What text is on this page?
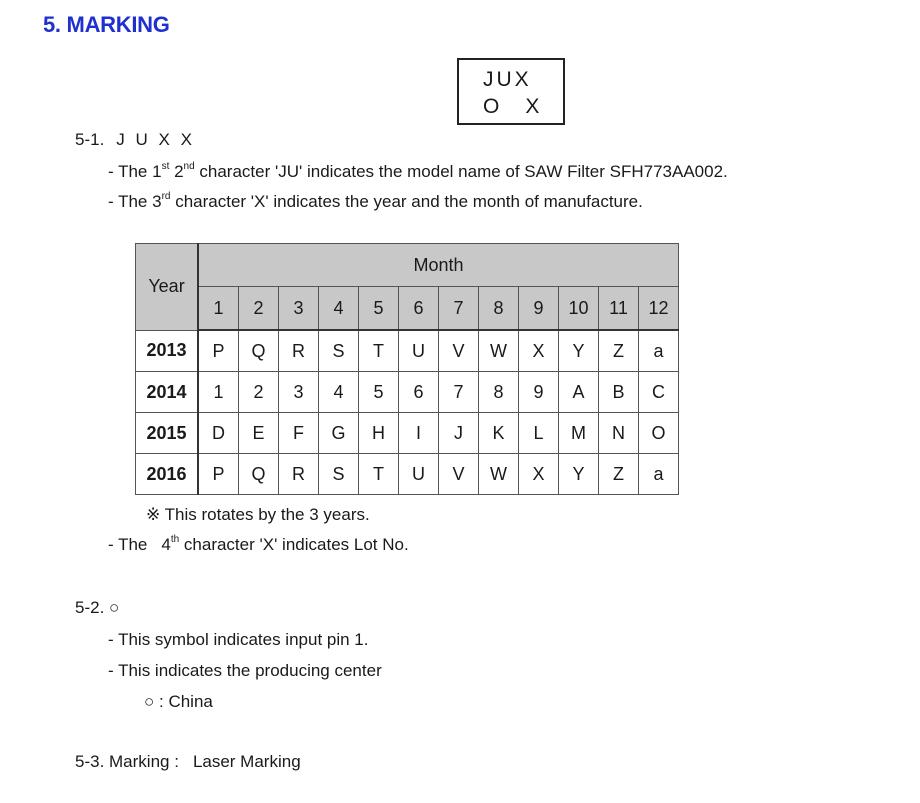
5. MARKING
JUX
O X
5-1. J U X X
- The 1st 2nd character 'JU' indicates the model name of SAW Filter SFH773AA002.
- The 3rd character 'X' indicates the year and the month of manufacture.
Year	Month											
	1	2	3	4	5	6	7	8	9	10	11	12
2013	P	Q	R	S	T	U	V	W	X	Y	Z	a
2014	1	2	3	4	5	6	7	8	9	A	B	C
2015	D	E	F	G	H	I	J	K	L	M	N	O
2016	P	Q	R	S	T	U	V	W	X	Y	Z	a
※ This rotates by the 3 years.
- The 4th character 'X' indicates Lot No.
5-2. ○
- This symbol indicates input pin 1.
- This indicates the producing center
○ : China
5-3. Marking : Laser Marking
